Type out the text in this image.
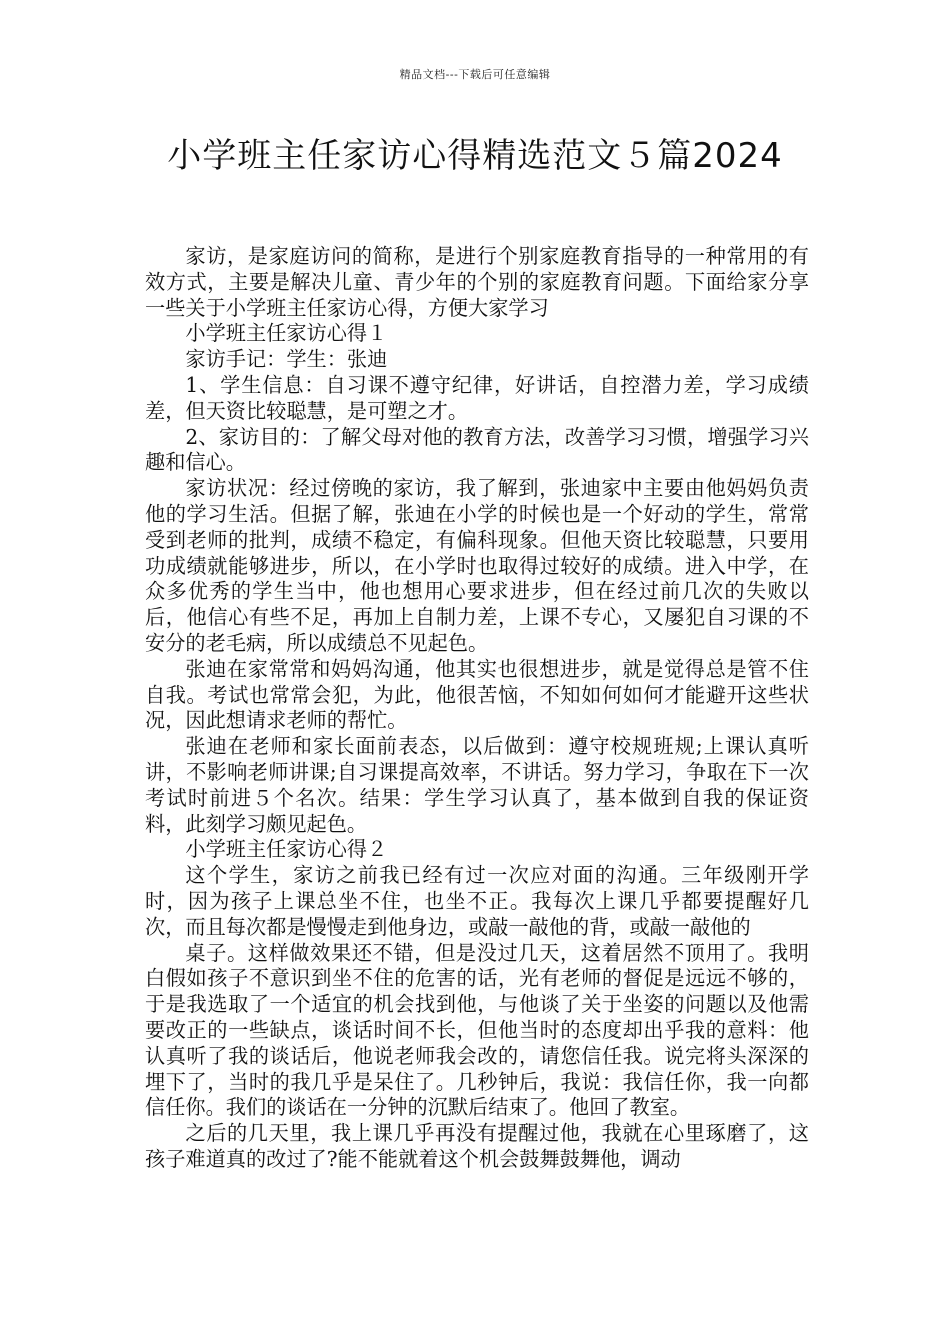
精品文档---下载后可任意编辑
小学班主任家访心得精选范文５篇2024

家访，是家庭访问的简称，是进行个别家庭教育指导的一种常用的有效方式，主要是解决儿童、青少年的个别的家庭教育问题。下面给家分享一些关于小学班主任家访心得，方便大家学习

小学班主任家访心得１

家访手记：学生：张迪

1、学生信息：自习课不遵守纪律，好讲话，自控潜力差，学习成绩差，但天资比较聪慧，是可塑之才。

2、家访目的：了解父母对他的教育方法，改善学习习惯，增强学习兴趣和信心。

家访状况：经过傍晚的家访，我了解到，张迪家中主要由他妈妈负责他的学习生活。但据了解，张迪在小学的时候也是一个好动的学生，常常受到老师的批判，成绩不稳定，有偏科现象。但他天资比较聪慧，只要用功成绩就能够进步，所以，在小学时也取得过较好的成绩。进入中学，在众多优秀的学生当中，他也想用心要求进步，但在经过前几次的失败以后，他信心有些不足，再加上自制力差，上课不专心，又屡犯自习课的不安分的老毛病，所以成绩总不见起色。

张迪在家常常和妈妈沟通，他其实也很想进步，就是觉得总是管不住自我。考试也常常会犯，为此，他很苦恼，不知如何如何才能避开这些状况，因此想请求老师的帮忙。

张迪在老师和家长面前表态，以后做到：遵守校规班规;上课认真听讲，不影响老师讲课;自习课提高效率，不讲话。努力学习，争取在下一次考试时前进５个名次。结果：学生学习认真了，基本做到自我的保证资料，此刻学习颇见起色。

小学班主任家访心得２

这个学生，家访之前我已经有过一次应对面的沟通。三年级刚开学时，因为孩子上课总坐不住，也坐不正。我每次上课几乎都要提醒好几次，而且每次都是慢慢走到他身边，或敲一敲他的背，或敲一敲他的

桌子。这样做效果还不错，但是没过几天，这着居然不顶用了。我明白假如孩子不意识到坐不住的危害的话，光有老师的督促是远远不够的，于是我选取了一个适宜的机会找到他，与他谈了关于坐姿的问题以及他需要改正的一些缺点，谈话时间不长，但他当时的态度却出乎我的意料：他认真听了我的谈话后，他说老师我会改的，请您信任我。说完将头深深的埋下了，当时的我几乎是呆住了。几秒钟后，我说：我信任你，我一向都信任你。我们的谈话在一分钟的沉默后结束了。他回了教室。

之后的几天里，我上课几乎再没有提醒过他，我就在心里琢磨了，这孩子难道真的改过了?能不能就着这个机会鼓舞鼓舞他，调动
